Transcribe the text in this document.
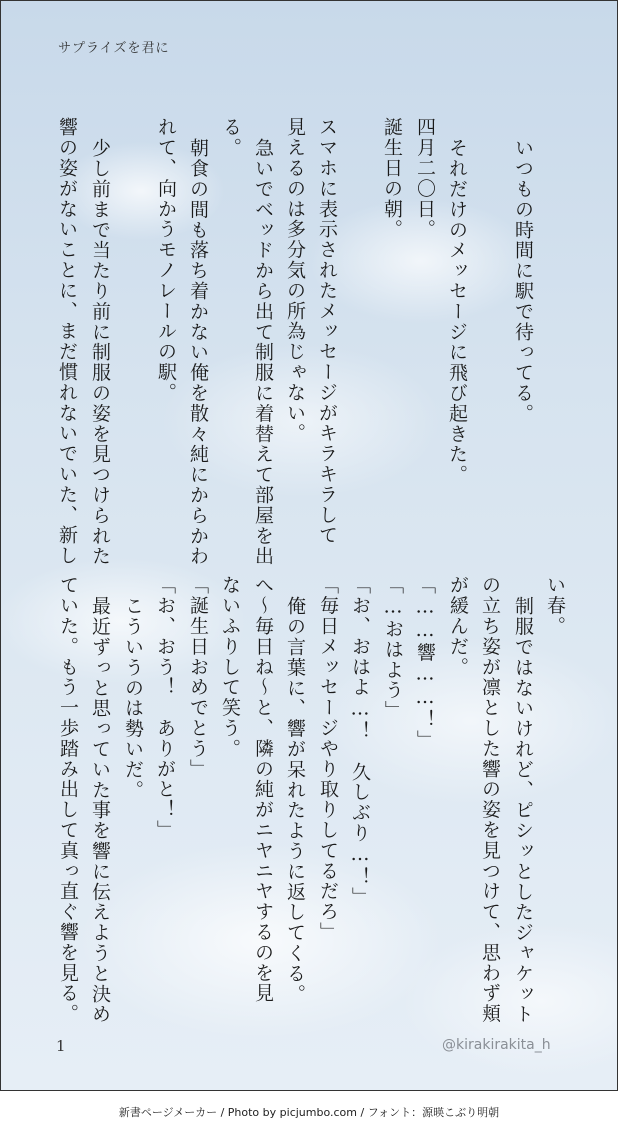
サプライズを君に
いつもの時間に駅で待ってる。
誕生日の朝。 四月二〇日。 それだけのメッセージに飛び起きた。
スマホに表示されたメッセージがキラキラして
見えるのは多分気の所為じゃない。
急いでベッドから出て制服に着替えて部屋を出
る。
朝食の間も落ち着かない俺を散々純にからかわ
れて、向かうモノレールの駅。
少し前まで当たり前に制服の姿を見つけられた
響の姿がないことに、まだ慣れないでいた、新し
い春。
制服ではないけれど、ピシッとしたジャケット
の立ち姿が凛とした響の姿を見つけて、思わず頬
が緩んだ。
「……響……！」
「…おはよう」
「お、おはよ…！　久しぶり…！」
「毎日メッセージやり取りしてるだろ」
俺の言葉に、響が呆れたように返してくる。
へ～毎日ね～と、隣の純がニヤニヤするのを見
ないふりして笑う。
「誕生日おめでとう」
「お、おう！　ありがと！」
こういうのは勢いだ。
最近ずっと思っていた事を響に伝えようと決め
ていた。もう一歩踏み出して真っ直ぐ響を見る。
1	@kirakirakita_h
新書ページメーカー / Photo by picjumbo.com / フォント：源暎こぶり明朝
